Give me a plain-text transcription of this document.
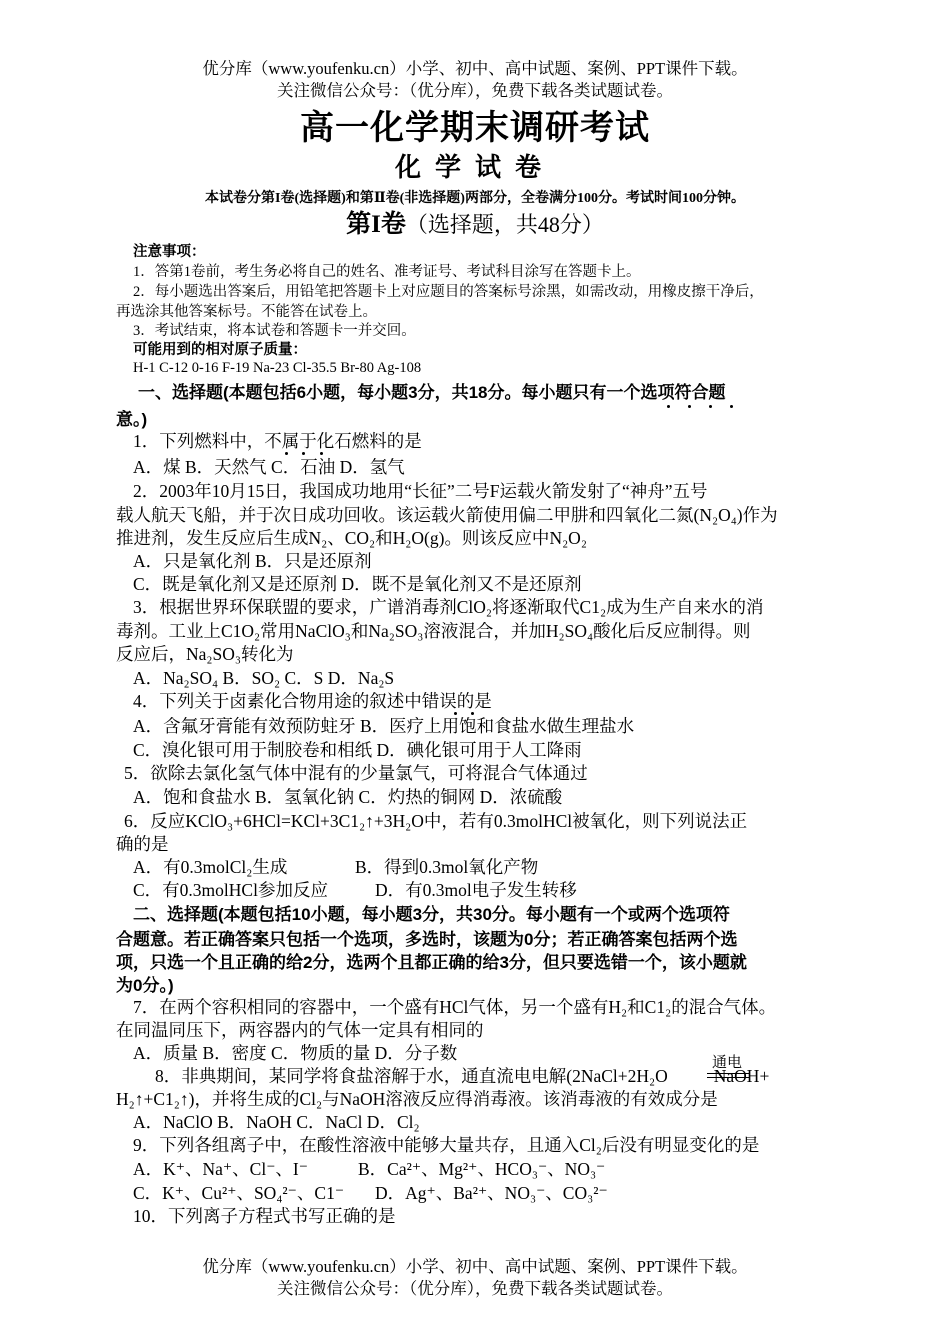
优分库（www.youfenku.cn）小学、初中、高中试题、案例、PPT课件下载。
关注微信公众号：（优分库），免费下载各类试题试卷。
高一化学期末调研考试
化学试卷
本试卷分第I卷(选择题)和第Ⅱ卷(非选择题)两部分，全卷满分100分。考试时间100分钟。
第I卷（选择题，共48分）
注意事项：
1．答第1卷前，考生务必将自己的姓名、准考证号、考试科目涂写在答题卡上。
2．每小题选出答案后，用铅笔把答题卡上对应题目的答案标号涂黑，如需改动，用橡皮擦干净后，
再选涂其他答案标号。不能答在试卷上。
3．考试结束，将本试卷和答题卡一并交回。
可能用到的相对原子质量：
H-1 C-12 0-16 F-19 Na-23 Cl-35.5 Br-80 Ag-108
一、选择题(本题包括6小题，每小题3分，共18分。每小题只有一个选项符合题
意。)
1．下列燃料中，不属于化石燃料的是
A．煤 B．天然气 C．石油 D．氢气
2．2003年10月15日，我国成功地用“长征”二号F运载火箭发射了“神舟”五号
载人航天飞船，并于次日成功回收。该运载火箭使用偏二甲肼和四氧化二氮(N₂O₄)作为
推进剂，发生反应后生成N₂、CO₂和H₂O(g)。则该反应中N₂O₂
A．只是氧化剂 B．只是还原剂
C．既是氧化剂又是还原剂 D．既不是氧化剂又不是还原剂
3．根据世界环保联盟的要求，广谱消毒剂ClO₂将逐渐取代C1₂成为生产自来水的消
毒剂。工业上C1O₂常用NaClO₃和Na₂SO₃溶液混合，并加H₂SO₄酸化后反应制得。则
反应后，Na₂SO₃转化为
A．Na₂SO₄ B．SO₂ C．S D．Na₂S
4．下列关于卤素化合物用途的叙述中错误的是
A．含氟牙膏能有效预防蛀牙 B．医疗上用饱和食盐水做生理盐水
C．溴化银可用于制胶卷和相纸 D．碘化银可用于人工降雨
5．欲除去氯化氢气体中混有的少量氯气，可将混合气体通过
A．饱和食盐水 B．氢氧化钠 C．灼热的铜网 D．浓硫酸
6．反应KClO₃+6HCl=KCl+3C1₂↑+3H₂O中，若有0.3molHCl被氧化，则下列说法正
确的是
A．有0.3molCl₂生成	B．得到0.3mol氧化产物
C．有0.3molHCl参加反应	D．有0.3mol电子发生转移
二、选择题(本题包括10小题，每小题3分，共30分。每小题有一个或两个选项符
合题意。若正确答案只包括一个选项，多选时，该题为0分；若正确答案包括两个选
项，只选一个且正确的给2分，选两个且都正确的给3分，但只要选错一个，该小题就
为0分。)
7．在两个容积相同的容器中，一个盛有HCl气体，另一个盛有H₂和C1₂的混合气体。
在同温同压下，两容器内的气体一定具有相同的
A．质量 B．密度 C．物质的量 D．分子数
8．非典期间，某同学将食盐溶解于水，通直流电电解(2NaCl+2H₂O	NaOH+
通电
H₂↑+C1₂↑)，并将生成的Cl₂与NaOH溶液反应得消毒液。该消毒液的有效成分是
A．NaClO B．NaOH C．NaCl D．Cl₂
9．下列各组离子中，在酸性溶液中能够大量共存，且通入Cl₂后没有明显变化的是
A．K⁺、Na⁺、Cl⁻、I⁻	B．Ca²⁺、Mg²⁺、HCO₃⁻、NO₃⁻
C．K⁺、Cu²⁺、SO₄²⁻、C1⁻ D．Ag⁺、Ba²⁺、NO₃⁻、CO₃²⁻
10．下列离子方程式书写正确的是
优分库（www.youfenku.cn）小学、初中、高中试题、案例、PPT课件下载。
关注微信公众号：（优分库），免费下载各类试题试卷。
